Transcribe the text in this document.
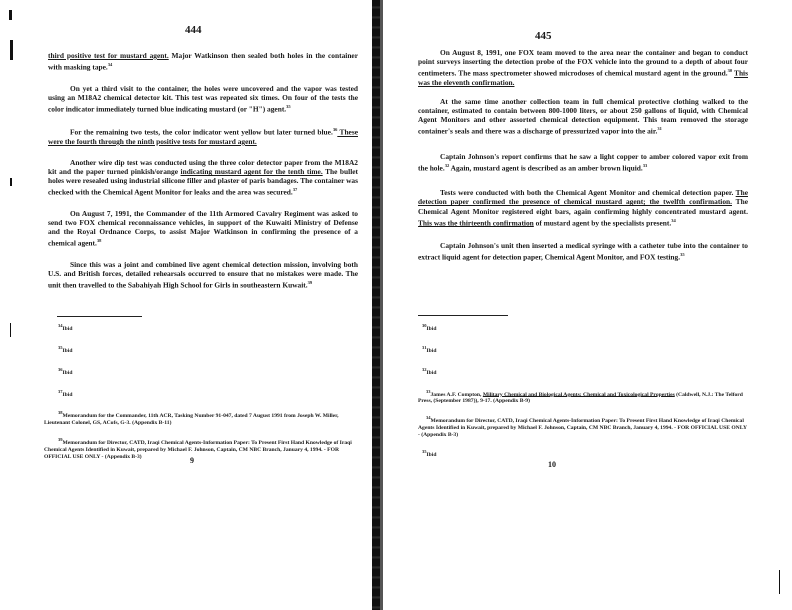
444

third positive test for mustard agent. Major Watkinson then sealed both holes in the container with masking tape.$^{34}$

On yet a third visit to the container, the holes were uncovered and the vapor was tested using an M18A2 chemical detector kit. This test was repeated six times. On four of the tests the color indicator immediately turned blue indicating mustard (or "H") agent.$^{35}$

For the remaining two tests, the color indicator went yellow but later turned blue.$^{36}$ These were the fourth through the ninth positive tests for mustard agent.

Another wire dip test was conducted using the three color detector paper from the M18A2 kit and the paper turned pinkish/orange indicating mustard agent for the tenth time. The bullet holes were resealed using industrial silicone filler and plaster of paris bandages. The container was checked with the Chemical Agent Monitor for leaks and the area was secured.$^{37}$

On August 7, 1991, the Commander of the 11th Armored Cavalry Regiment was asked to send two FOX chemical reconnaissance vehicles, in support of the Kuwaiti Ministry of Defense and the Royal Ordnance Corps, to assist Major Watkinson in confirming the presence of a chemical agent.$^{38}$

Since this was a joint and combined live agent chemical detection mission, involving both U.S. and British forces, detailed rehearsals occurred to ensure that no mistakes were made. The unit then travelled to the Sabahiyah High School for Girls in southeastern Kuwait.$^{39}$

$^{34}$Ibid
$^{35}$Ibid
$^{36}$Ibid
$^{37}$Ibid
$^{38}$Memorandum for the Commander, 11th ACR, Tasking Number 91-047, dated 7 August 1991 from Joseph W. Miller, Lieutenant Colonel, GS, ACofs, G-3. (Appendix B-11)
$^{39}$Memorandum for Director, CATD, Iraqi Chemical Agents-Information Paper: To Present First Hand Knowledge of Iraqi Chemical Agents Identified in Kuwait, prepared by Michael F. Johnson, Captain, CM NBC Branch, January 4, 1994. - FOR OFFICIAL USE ONLY - (Appendix B-3)	9
445

On August 8, 1991, one FOX team moved to the area near the container and began to conduct point surveys inserting the detection probe of the FOX vehicle into the ground to a depth of about four centimeters. The mass spectrometer showed microdoses of chemical mustard agent in the ground.$^{30}$ This was the eleventh confirmation.

At the same time another collection team in full chemical protective clothing walked to the container, estimated to contain between 800-1000 liters, or about 250 gallons of liquid, with Chemical Agent Monitors and other assorted chemical detection equipment. This team removed the storage container's seals and there was a discharge of pressurized vapor into the air.$^{31}$

Captain Johnson's report confirms that he saw a light copper to amber colored vapor exit from the hole.$^{32}$ Again, mustard agent is described as an amber brown liquid.$^{33}$

Tests were conducted with both the Chemical Agent Monitor and chemical detection paper. The detection paper confirmed the presence of chemical mustard agent; the twelfth confirmation. The Chemical Agent Monitor registered eight bars, again confirming highly concentrated mustard agent. This was the thirteenth confirmation of mustard agent by the specialists present.$^{34}$

Captain Johnson's unit then inserted a medical syringe with a catheter tube into the container to extract liquid agent for detection paper, Chemical Agent Monitor, and FOX testing.$^{35}$

$^{30}$Ibid
$^{31}$Ibid
$^{32}$Ibid
$^{33}$James A.F. Compton, Military Chemical and Biological Agents: Chemical and Toxicological Properties (Caldwell, N.J.: The Telford Press, (September 1987)), 9-17. (Appendix B-9)
$^{34}$Memorandum for Director, CATD, Iraqi Chemical Agents-Information Paper: To Present First Hand Knowledge of Iraqi Chemical Agents Identified in Kuwait, prepared by Michael F. Johnson, Captain, CM NBC Branch, January 4, 1994. - FOR OFFICIAL USE ONLY - (Appendix B-3)
$^{35}$Ibid
10
